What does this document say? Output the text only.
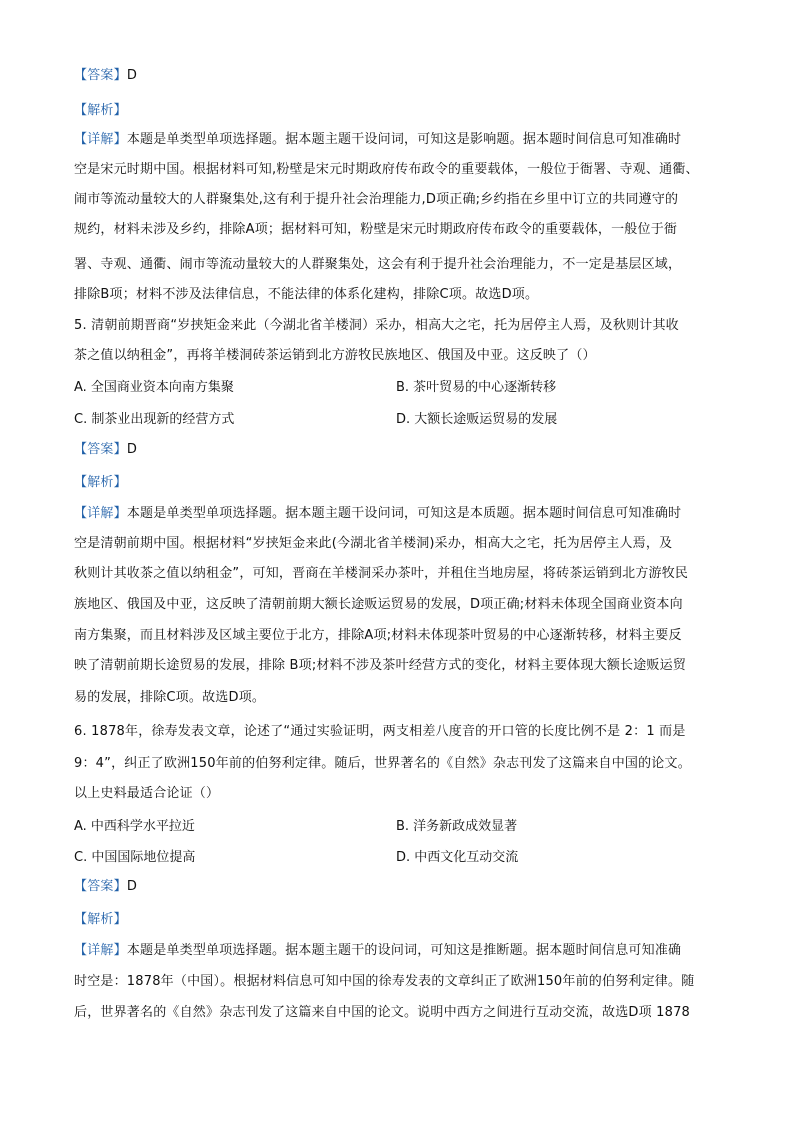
【答案】D
【解析】
【详解】本题是单类型单项选择题。据本题主题干设问词，可知这是影响题。据本题时间信息可知准确时
空是宋元时期中国。根据材料可知,粉壁是宋元时期政府传布政令的重要载体，一般位于衙署、寺观、通衢、
闹市等流动量较大的人群聚集处,这有利于提升社会治理能力,D项正确;乡约指在乡里中订立的共同遵守的
规约，材料未涉及乡约，排除A项；据材料可知，粉壁是宋元时期政府传布政令的重要载体，一般位于衙
署、寺观、通衢、闹市等流动量较大的人群聚集处，这会有利于提升社会治理能力，不一定是基层区域，
排除B项；材料不涉及法律信息，不能法律的体系化建构，排除C项。故选D项。
5. 清朝前期晋商“岁挟矩金来此（今湖北省羊楼洞）采办，相高大之宅，托为居停主人焉，及秋则计其收
茶之值以纳租金”，再将羊楼洞砖茶运销到北方游牧民族地区、俄国及中亚。这反映了（）
A. 全国商业资本向南方集聚	B. 茶叶贸易的中心逐渐转移
C. 制茶业出现新的经营方式	D. 大额长途贩运贸易的发展
【答案】D
【解析】
【详解】本题是单类型单项选择题。据本题主题干设问词，可知这是本质题。据本题时间信息可知准确时
空是清朝前期中国。根据材料“岁挟矩金来此(今湖北省羊楼洞)采办，相高大之宅，托为居停主人焉，及
秋则计其收茶之值以纳租金”，可知，晋商在羊楼洞采办茶叶，并租住当地房屋，将砖茶运销到北方游牧民
族地区、俄国及中亚，这反映了清朝前期大额长途贩运贸易的发展，D项正确;材料未体现全国商业资本向
南方集聚，而且材料涉及区域主要位于北方，排除A项;材料未体现茶叶贸易的中心逐渐转移，材料主要反
映了清朝前期长途贸易的发展，排除 B项;材料不涉及茶叶经营方式的变化，材料主要体现大额长途贩运贸
易的发展，排除C项。故选D项。
6. 1878年，徐寿发表文章，论述了“通过实验证明，两支相差八度音的开口管的长度比例不是 2：1 而是
9：4”，纠正了欧洲150年前的伯努利定律。随后，世界著名的《自然》杂志刊发了这篇来自中国的论文。
以上史料最适合论证（）
A. 中西科学水平拉近	B. 洋务新政成效显著
C. 中国国际地位提高	D. 中西文化互动交流
【答案】D
【解析】
【详解】本题是单类型单项选择题。据本题主题干的设问词，可知这是推断题。据本题时间信息可知准确
时空是：1878年（中国）。根据材料信息可知中国的徐寿发表的文章纠正了欧洲150年前的伯努利定律。随
后，世界著名的《自然》杂志刊发了这篇来自中国的论文。说明中西方之间进行互动交流，故选D项 1878
